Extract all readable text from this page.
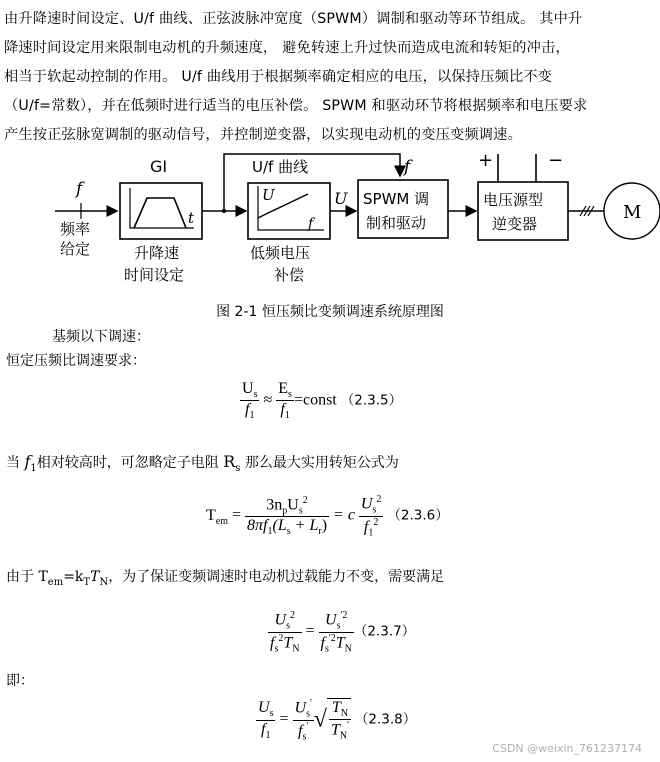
由升降速时间设定、U/f 曲线、正弦波脉冲宽度（SPWM）调制和驱动等环节组成。 其中升

降速时间设定用来限制电动机的升频速度， 避免转速上升过快而造成电流和转矩的冲击，

相当于软起动控制的作用。 U/f 曲线用于根据频率确定相应的电压，以保持压频比不变

（U/f=常数），并在低频时进行适当的电压补偿。 SPWM 和驱动环节将根据频率和电压要求

产生按正弦脉宽调制的驱动信号，并控制逆变器，以实现电动机的变压变频调速。

f
频率
给定
GI
t
升降速
时间设定
f
U/f 曲线
U
f
低频电压
补偿
U SPWM 调
制和驱动
+	−
电压源型
逆变器
M
图 2-1 恒压频比变频调速系统原理图
基频以下调速：
恒定压频比调速要求：
$\frac{U_s}{f_1} \approx \frac{E_s}{f_1}$ =const （2.3.5）
当 $f_1$相对较高时，可忽略定子电阻 $R_s$ 那么最大实用转矩公式为
$T_{em} = \frac{3n_pU_s^2}{8\pi f_1(L_s + L_r)} = c \frac{U_s^2}{f_1^2} (2.3.6)$
由于 $T_{em}=k_TT_N$，为了保证变频调速时电动机过载能力不变，需要满足
$\frac{U_s^2}{f_s^2T_N} = \frac{U_s^{'2}}{f_s^{'2}T_N} (2.3.7)$
即：
$\frac{U_s}{f_1} = \frac{U_s'}{f_s'}$ √ $\frac{T_N}{T_N'} (2.3.8)$
CSDN @weixin_761237174
